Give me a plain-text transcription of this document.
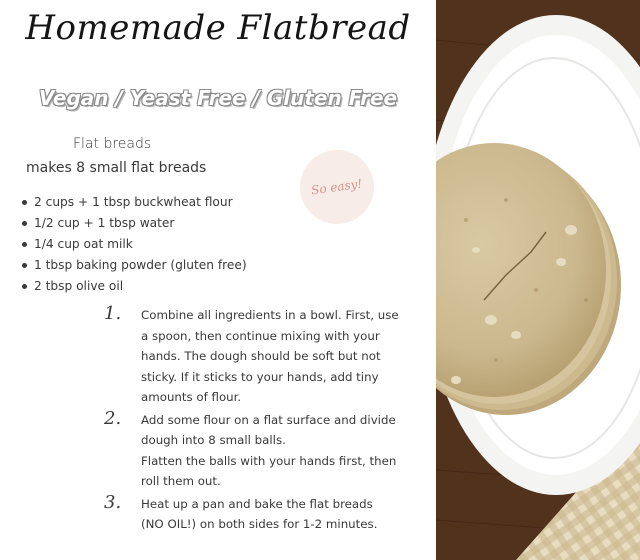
Homemade Flatbread
Vegan / Yeast Free / Gluten Free
Flat breads
makes 8 small flat breads
So easy!
2 cups + 1 tbsp buckwheat flour
1/2 cup + 1 tbsp water
1/4 cup oat milk
1 tbsp baking powder (gluten free)
2 tbsp olive oil
1. Combine all ingredients in a bowl. First, use
a spoon, then continue mixing with your
hands. The dough should be soft but not
sticky. If it sticks to your hands, add tiny
amounts of flour.
2. Add some flour on a flat surface and divide
dough into 8 small balls.
Flatten the balls with your hands first, then
roll them out.
3. Heat up a pan and bake the flat breads
(NO OIL!) on both sides for 1-2 minutes.
